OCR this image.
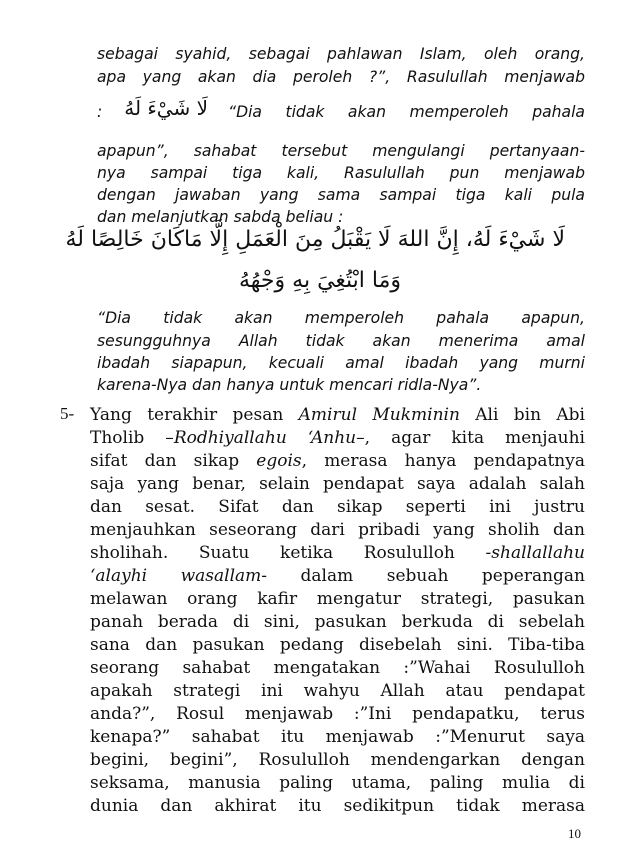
sebagai syahid, sebagai pahlawan Islam, oleh orang,
apa yang akan dia peroleh ?”, Rasulullah menjawab
:	لَا شَيْءَ لَهُ “Dia tidak akan memperoleh pahala
apapun”, sahabat tersebut mengulangi pertanyaan-
nya sampai tiga kali, Rasulullah pun menjawab
dengan jawaban yang sama sampai tiga kali pula
dan melanjutkan sabda beliau :
لَا شَيْءَ لَهُ، إِنَّ اللهَ لَا يَقْبَلُ مِنَ الْعَمَلِ إِلَّا مَاكَانَ خَالِصًا لَهُ
وَمَا ابْتُغِيَ بِهِ وَجْهُهُ
“Dia tidak akan memperoleh pahala apapun,
sesungguhnya Allah tidak akan menerima amal
ibadah siapapun, kecuali amal ibadah yang murni
karena-Nya dan hanya untuk mencari ridla-Nya”.
5- Yang terakhir pesan Amirul Mukminin Ali bin Abi
Tholib –Rodhiyallahu ‘Anhu–, agar kita menjauhi
sifat dan sikap egois, merasa hanya pendapatnya
saja yang benar, selain pendapat saya adalah salah
dan sesat. Sifat dan sikap seperti ini justru
menjauhkan seseorang dari pribadi yang sholih dan
sholihah. Suatu ketika Rosululloh -shallallahu
‘alayhi wasallam- dalam sebuah peperangan
melawan orang kafir mengatur strategi, pasukan
panah berada di sini, pasukan berkuda di sebelah
sana dan pasukan pedang disebelah sini. Tiba-tiba
seorang sahabat mengatakan :”Wahai Rosululloh
apakah strategi ini wahyu Allah atau pendapat
anda?”, Rosul menjawab :”Ini pendapatku, terus
kenapa?” sahabat itu menjawab :”Menurut saya
begini, begini”, Rosululloh mendengarkan dengan
seksama, manusia paling utama, paling mulia di
dunia dan akhirat itu sedikitpun tidak merasa
10
